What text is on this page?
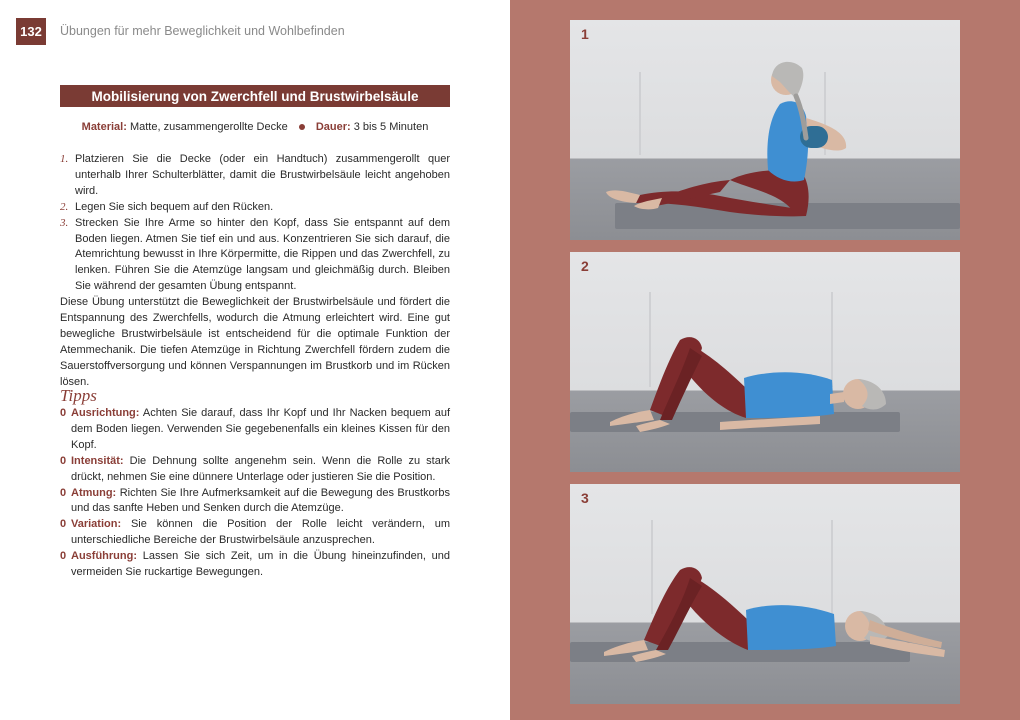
132	Übungen für mehr Beweglichkeit und Wohlbefinden
Mobilisierung von Zwerchfell und Brustwirbelsäule
Material: Matte, zusammengerollte Decke	Dauer: 3 bis 5 Minuten
1. Platzieren Sie die Decke (oder ein Handtuch) zusammengerollt quer unterhalb Ihrer Schulterblätter, damit die Brustwirbelsäule leicht angehoben wird.
2. Legen Sie sich bequem auf den Rücken.
3. Strecken Sie Ihre Arme so hinter den Kopf, dass Sie entspannt auf dem Boden liegen. Atmen Sie tief ein und aus. Konzentrieren Sie sich darauf, die Atemrichtung bewusst in Ihre Körpermitte, die Rippen und das Zwerchfell, zu lenken. Führen Sie die Atemzüge langsam und gleichmäßig durch. Bleiben Sie während der gesamten Übung entspannt.

Diese Übung unterstützt die Beweglichkeit der Brustwirbelsäule und fördert die Entspannung des Zwerchfells, wodurch die Atmung erleichtert wird. Eine gut bewegliche Brustwirbelsäule ist entscheidend für die optimale Funktion der Atemmechanik. Die tiefen Atemzüge in Richtung Zwerchfell fördern zudem die Sauerstoffversorgung und können Verspannungen im Brustkorb und im Rücken lösen.

Tipps
0 Ausrichtung: Achten Sie darauf, dass Ihr Kopf und Ihr Nacken bequem auf dem Boden liegen. Verwenden Sie gegebenenfalls ein kleines Kissen für den Kopf.
0 Intensität: Die Dehnung sollte angenehm sein. Wenn die Rolle zu stark drückt, nehmen Sie eine dünnere Unterlage oder justieren Sie die Position.
0 Atmung: Richten Sie Ihre Aufmerksamkeit auf die Bewegung des Brustkorbs und das sanfte Heben und Senken durch die Atemzüge.
0 Variation: Sie können die Position der Rolle leicht verändern, um unterschiedliche Bereiche der Brustwirbelsäule anzusprechen.
0 Ausführung: Lassen Sie sich Zeit, um in die Übung hineinzufinden, und vermeiden Sie ruckartige Bewegungen.
1
2
3
